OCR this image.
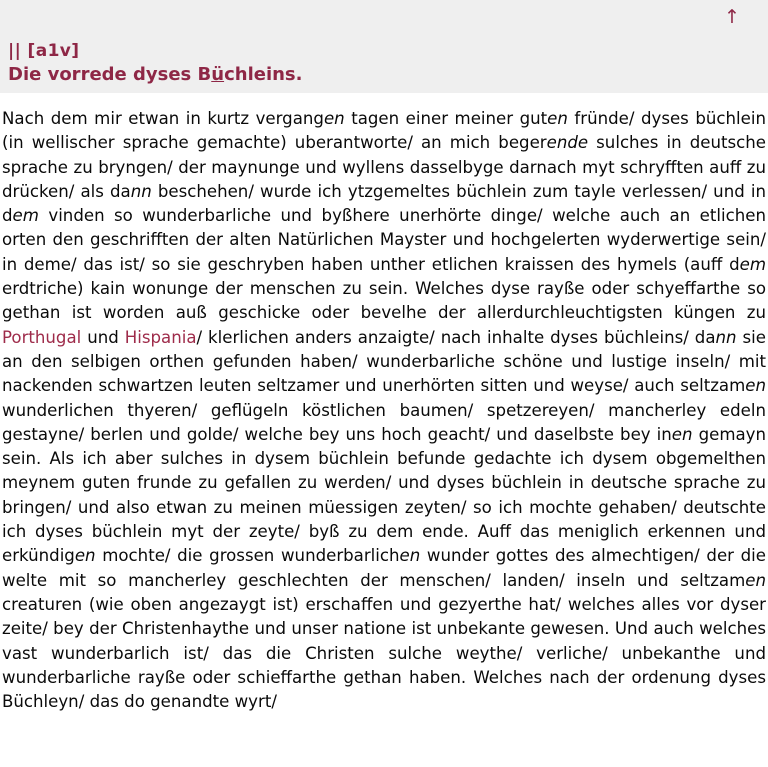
↑
|| [a1v]
Die vorrede dyses Büchleins.

Nach dem mir etwan in kurtz vergangen tagen einer meiner guten fründe/ dyses büchlein (in wellischer sprache gemachte) uberantworte/ an mich begerende sulches in deutsche sprache zu bryngen/ der maynunge und wyllens dasselbyge darnach myt schryfften auff zu drücken/ als dann beschehen/ wurde ich ytzgemeltes büchlein zum tayle verlessen/ und in dem vinden so wunderbarliche und byßhere unerhörte dinge/ welche auch an etlichen orten den geschrifften der alten Natürlichen Mayster und hochgelerten wyderwertige sein/ in deme/ das ist/ so sie geschryben haben unther etlichen kraissen des hymels (auff dem erdtriche) kain wonunge der menschen zu sein. Welches dyse rayße oder schyeffarthe so gethan ist worden auß geschicke oder bevelhe der allerdurchleuchtigsten küngen zu Porthugal und Hispania/ klerlichen anders anzaigte/ nach inhalte dyses büchleins/ dann sie an den selbigen orthen gefunden haben/ wunderbarliche schöne und lustige inseln/ mit nackenden schwartzen leuten seltzamer und unerhörten sitten und weyse/ auch seltzamen wunderlichen thyeren/ geflügeln köstlichen baumen/ spetzereyen/ mancherley edeln gestayne/ berlen und golde/ welche bey uns hoch geacht/ und daselbste bey inen gemayn sein. Als ich aber sulches in dysem büchlein befunde gedachte ich dysem obgemelthen meynem guten frunde zu gefallen zu werden/ und dyses büchlein in deutsche sprache zu bringen/ und also etwan zu meinen müessigen zeyten/ so ich mochte gehaben/ deutschte ich dyses büchlein myt der zeyte/ byß zu dem ende. Auff das meniglich erkennen und erkündigen mochte/ die grossen wunderbarlichen wunder gottes des almechtigen/ der die welte mit so mancherley geschlechten der menschen/ landen/ inseln und seltzamen creaturen (wie oben angezaygt ist) erschaffen und gezyerthe hat/ welches alles vor dyser zeite/ bey der Christenhaythe und unser natione ist unbekante gewesen. Und auch welches vast wunderbarlich ist/ das die Christen sulche weythe/ verliche/ unbekanthe und wunderbarliche rayße oder schieffarthe gethan haben. Welches nach der ordenung dyses Büchleyn/ das do genandte wyrt/
